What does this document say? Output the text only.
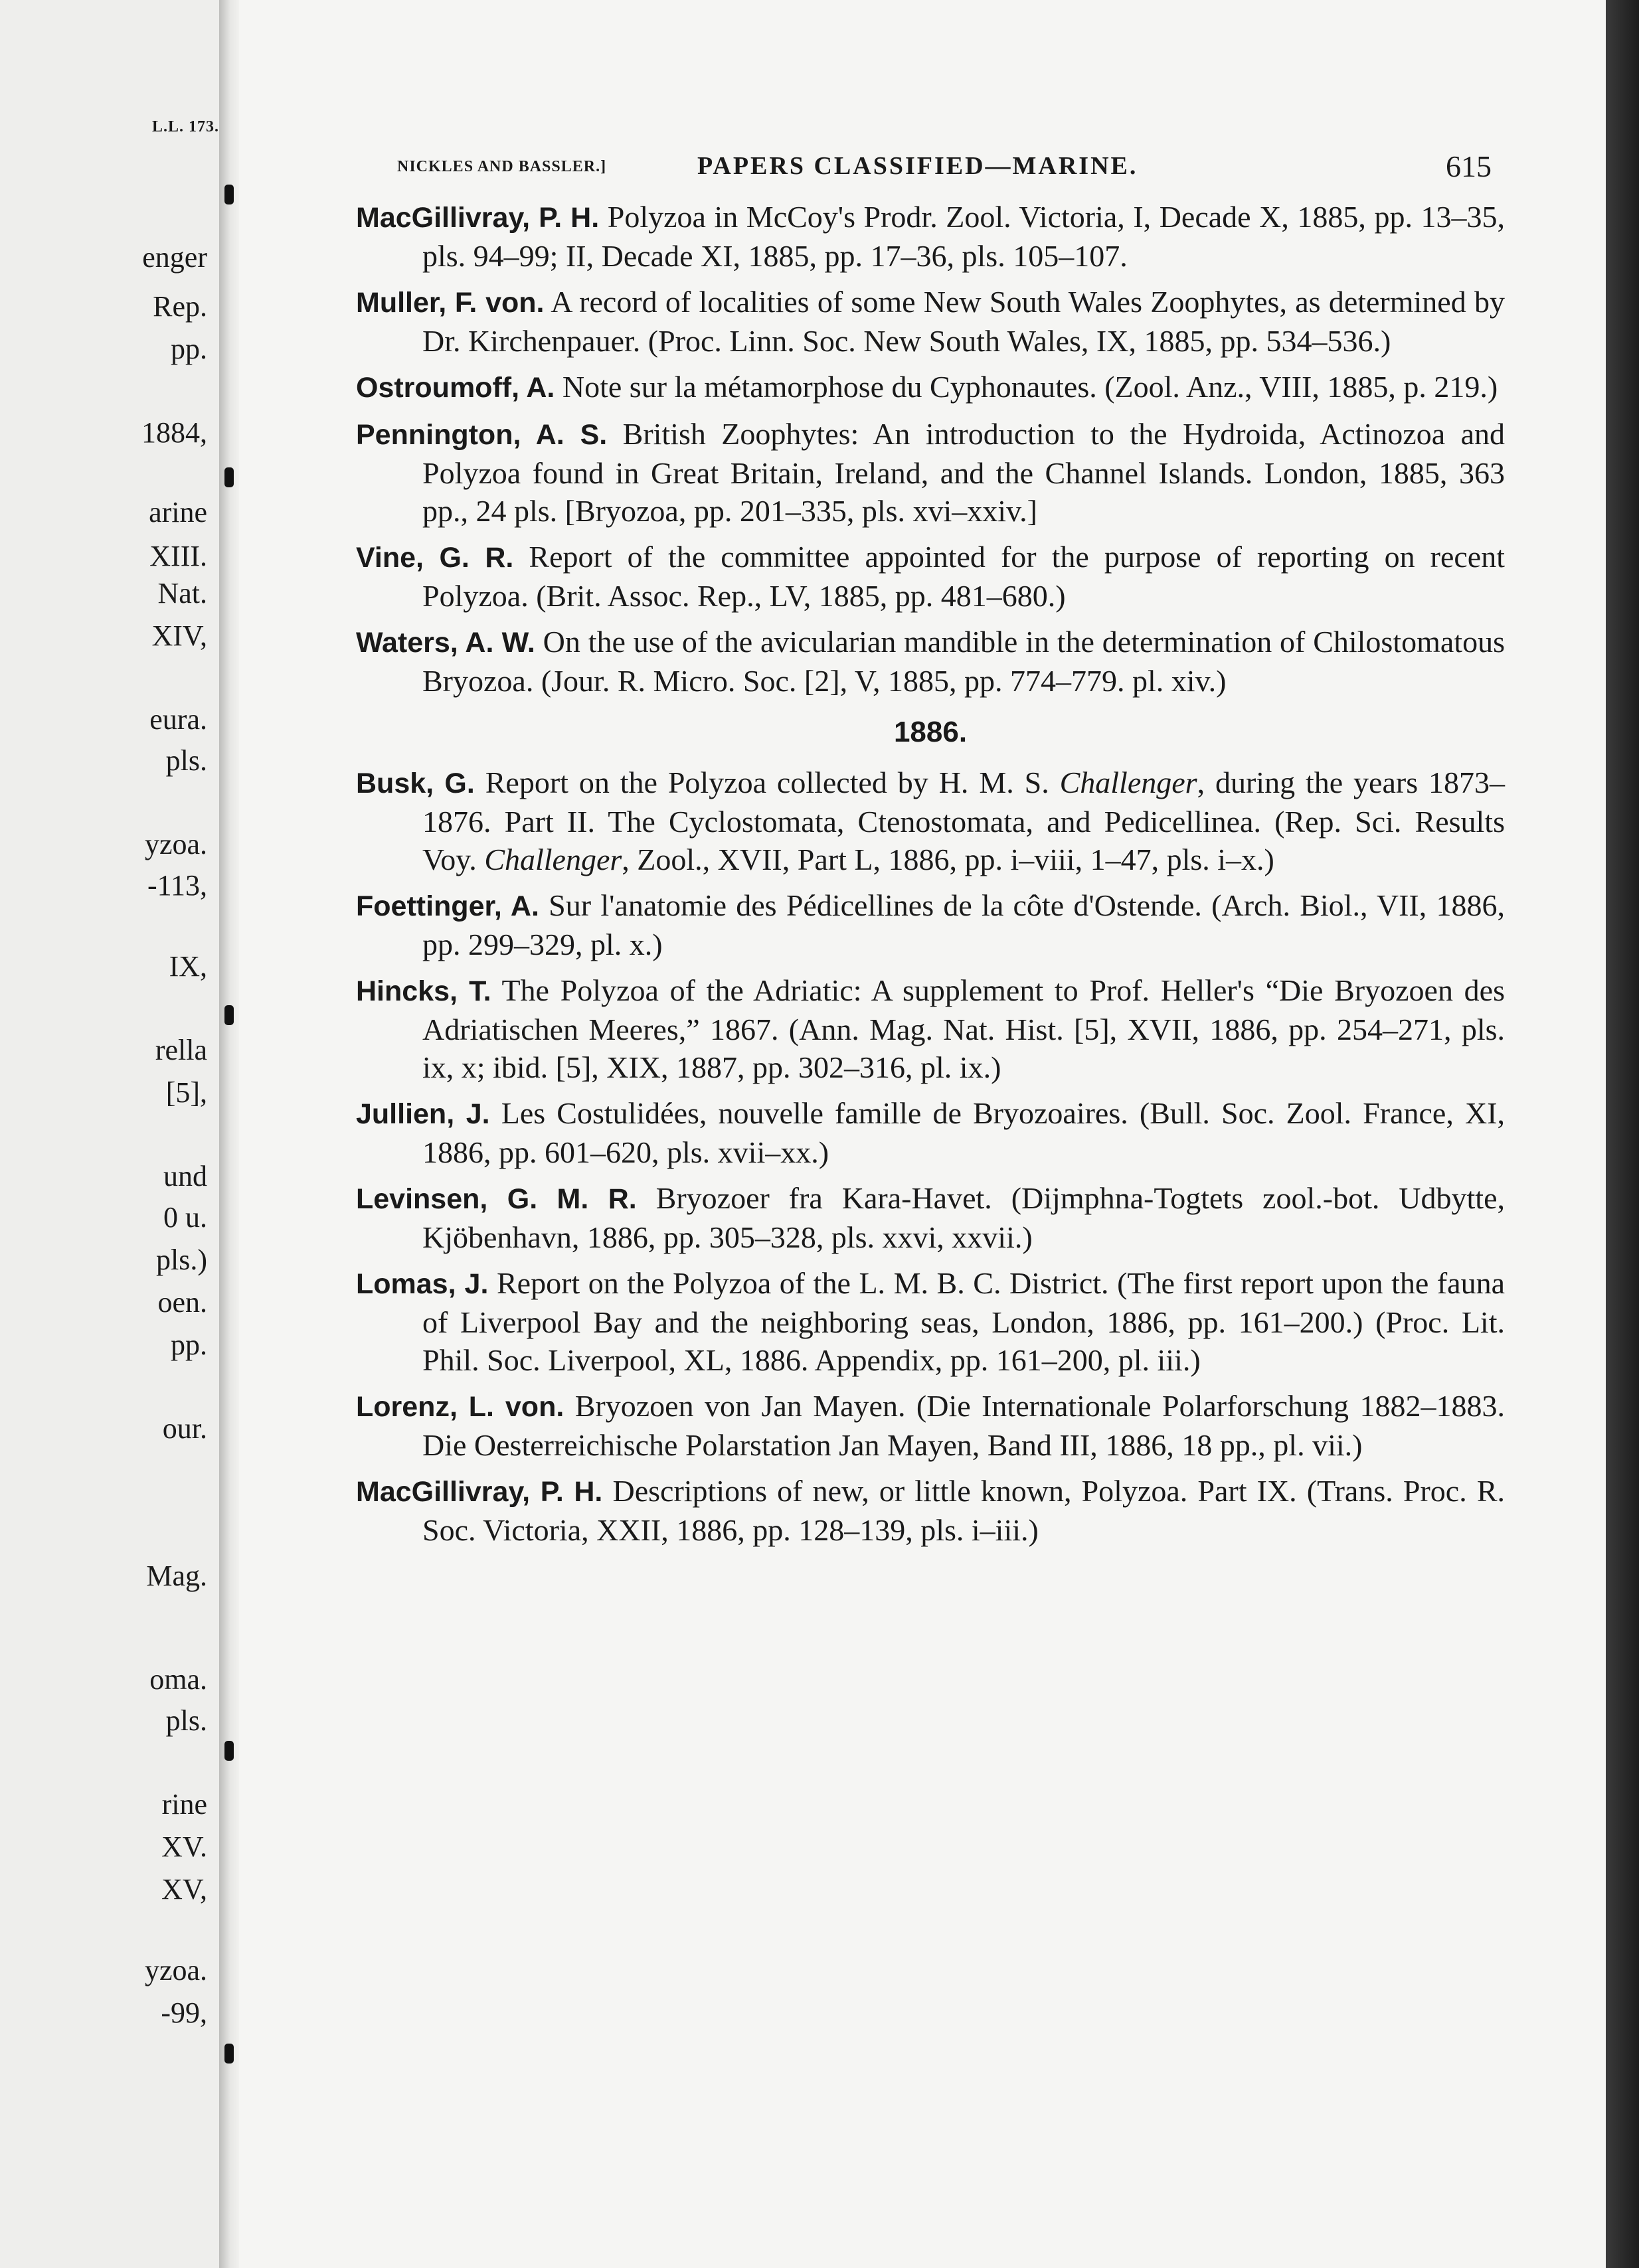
L.L. 173.
enger
Rep.
pp.
1884,
arine
XIII.
Nat.
XIV,
eura.
pls.
yzoa.
-113,
IX,
rella
[5],
und
0 u.
pls.)
oen.
pp.
our.
Mag.
oma.
pls.
rine
XV.
XV,
yzoa.
-99,
NICKLES AND BASSLER.]	PAPERS CLASSIFIED—MARINE.	615
MacGillivray, P. H. Polyzoa in McCoy's Prodr. Zool. Victoria, I, Decade X, 1885, pp. 13–35, pls. 94–99; II, Decade XI, 1885, pp. 17–36, pls. 105–107.
Muller, F. von. A record of localities of some New South Wales Zoophytes, as determined by Dr. Kirchenpauer. (Proc. Linn. Soc. New South Wales, IX, 1885, pp. 534–536.)
Ostroumoff, A. Note sur la métamorphose du Cyphonautes. (Zool. Anz., VIII, 1885, p. 219.)
Pennington, A. S. British Zoophytes: An introduction to the Hydroida, Actinozoa and Polyzoa found in Great Britain, Ireland, and the Channel Islands. London, 1885, 363 pp., 24 pls. [Bryozoa, pp. 201–335, pls. xvi–xxiv.]
Vine, G. R. Report of the committee appointed for the purpose of reporting on recent Polyzoa. (Brit. Assoc. Rep., LV, 1885, pp. 481–680.)
Waters, A. W. On the use of the avicularian mandible in the determination of Chilostomatous Bryozoa. (Jour. R. Micro. Soc. [2], V, 1885, pp. 774–779. pl. xiv.)
1886.
Busk, G. Report on the Polyzoa collected by H. M. S. Challenger, during the years 1873–1876. Part II. The Cyclostomata, Ctenostomata, and Pedicellinea. (Rep. Sci. Results Voy. Challenger, Zool., XVII, Part L, 1886, pp. i–viii, 1–47, pls. i–x.)
Foettinger, A. Sur l'anatomie des Pédicellines de la côte d'Ostende. (Arch. Biol., VII, 1886, pp. 299–329, pl. x.)
Hincks, T. The Polyzoa of the Adriatic: A supplement to Prof. Heller's “Die Bryozoen des Adriatischen Meeres,” 1867. (Ann. Mag. Nat. Hist. [5], XVII, 1886, pp. 254–271, pls. ix, x; ibid. [5], XIX, 1887, pp. 302–316, pl. ix.)
Jullien, J. Les Costulidées, nouvelle famille de Bryozoaires. (Bull. Soc. Zool. France, XI, 1886, pp. 601–620, pls. xvii–xx.)
Levinsen, G. M. R. Bryozoer fra Kara-Havet. (Dijmphna-Togtets zool.-bot. Udbytte, Kjöbenhavn, 1886, pp. 305–328, pls. xxvi, xxvii.)
Lomas, J. Report on the Polyzoa of the L. M. B. C. District. (The first report upon the fauna of Liverpool Bay and the neighboring seas, London, 1886, pp. 161–200.) (Proc. Lit. Phil. Soc. Liverpool, XL, 1886. Appendix, pp. 161–200, pl. iii.)
Lorenz, L. von. Bryozoen von Jan Mayen. (Die Internationale Polarforschung 1882–1883. Die Oesterreichische Polarstation Jan Mayen, Band III, 1886, 18 pp., pl. vii.)
MacGillivray, P. H. Descriptions of new, or little known, Polyzoa. Part IX. (Trans. Proc. R. Soc. Victoria, XXII, 1886, pp. 128–139, pls. i–iii.)
